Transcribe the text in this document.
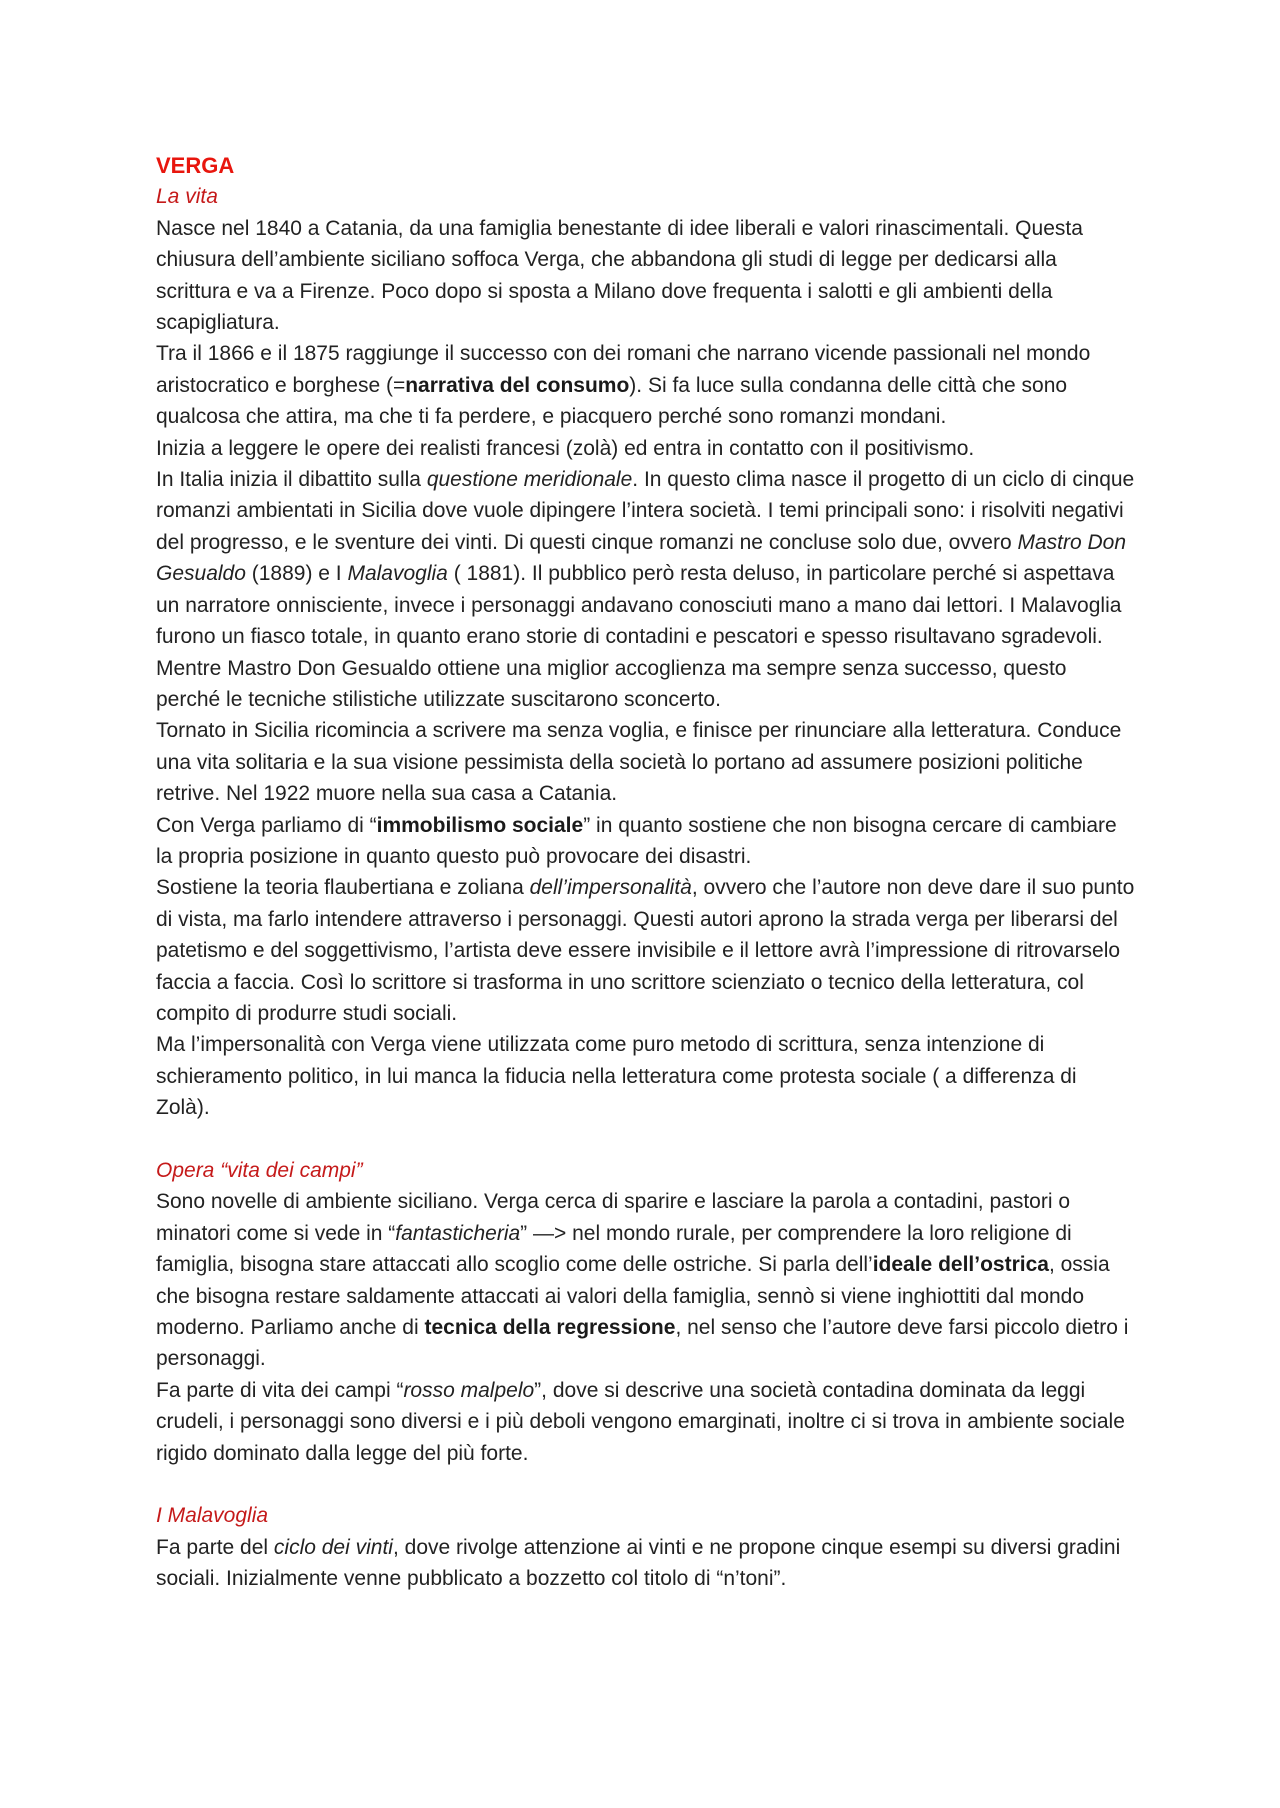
VERGA
La vita

Nasce nel 1840 a Catania, da una famiglia benestante di idee liberali e valori rinascimentali. Questa chiusura dell’ambiente siciliano soffoca Verga, che abbandona gli studi di legge per dedicarsi alla scrittura e va a Firenze. Poco dopo si sposta a Milano dove frequenta i salotti e gli ambienti della scapigliatura.

Tra il 1866 e il 1875 raggiunge il successo con dei romani che narrano vicende passionali nel mondo aristocratico e borghese (=narrativa del consumo). Si fa luce sulla condanna delle città che sono qualcosa che attira, ma che ti fa perdere, e piacquero perché sono romanzi mondani.

Inizia a leggere le opere dei realisti francesi (zolà) ed entra in contatto con il positivismo.

In Italia inizia il dibattito sulla questione meridionale. In questo clima nasce il progetto di un ciclo di cinque romanzi ambientati in Sicilia dove vuole dipingere l’intera società. I temi principali sono: i risolviti negativi del progresso, e le sventure dei vinti. Di questi cinque romanzi ne concluse solo due, ovvero Mastro Don Gesualdo (1889) e I Malavoglia ( 1881). Il pubblico però resta deluso, in particolare perché si aspettava un narratore onnisciente, invece i personaggi andavano conosciuti mano a mano dai lettori. I Malavoglia furono un fiasco totale, in quanto erano storie di contadini e pescatori e spesso risultavano sgradevoli. Mentre Mastro Don Gesualdo ottiene una miglior accoglienza ma sempre senza successo, questo perché le tecniche stilistiche utilizzate suscitarono sconcerto.

Tornato in Sicilia ricomincia a scrivere ma senza voglia, e finisce per rinunciare alla letteratura. Conduce una vita solitaria e la sua visione pessimista della società lo portano ad assumere posizioni politiche retrive. Nel 1922 muore nella sua casa a Catania.

Con Verga parliamo di “immobilismo sociale” in quanto sostiene che non bisogna cercare di cambiare la propria posizione in quanto questo può provocare dei disastri.

Sostiene la teoria flaubertiana e zoliana dell’impersonalità, ovvero che l’autore non deve dare il suo punto di vista, ma farlo intendere attraverso i personaggi. Questi autori aprono la strada verga per liberarsi del patetismo e del soggettivismo, l’artista deve essere invisibile e il lettore avrà l’impressione di ritrovarselo faccia a faccia. Così lo scrittore si trasforma in uno scrittore scienziato o tecnico della letteratura, col compito di produrre studi sociali.

Ma l’impersonalità con Verga viene utilizzata come puro metodo di scrittura, senza intenzione di schieramento politico, in lui manca la fiducia nella letteratura come protesta sociale ( a differenza di Zolà).

Opera “vita dei campi”

Sono novelle di ambiente siciliano. Verga cerca di sparire e lasciare la parola a contadini, pastori o minatori come si vede in “fantasticheria” —> nel mondo rurale, per comprendere la loro religione di famiglia, bisogna stare attaccati allo scoglio come delle ostriche. Si parla dell’ideale dell’ostrica, ossia che bisogna restare saldamente attaccati ai valori della famiglia, sennò si viene inghiottiti dal mondo moderno. Parliamo anche di tecnica della regressione, nel senso che l’autore deve farsi piccolo dietro i personaggi.

Fa parte di vita dei campi “rosso malpelo”, dove si descrive una società contadina dominata da leggi crudeli, i personaggi sono diversi e i più deboli vengono emarginati, inoltre ci si trova in ambiente sociale rigido dominato dalla legge del più forte.

I Malavoglia

Fa parte del ciclo dei vinti, dove rivolge attenzione ai vinti e ne propone cinque esempi su diversi gradini sociali. Inizialmente venne pubblicato a bozzetto col titolo di “n’toni”.
